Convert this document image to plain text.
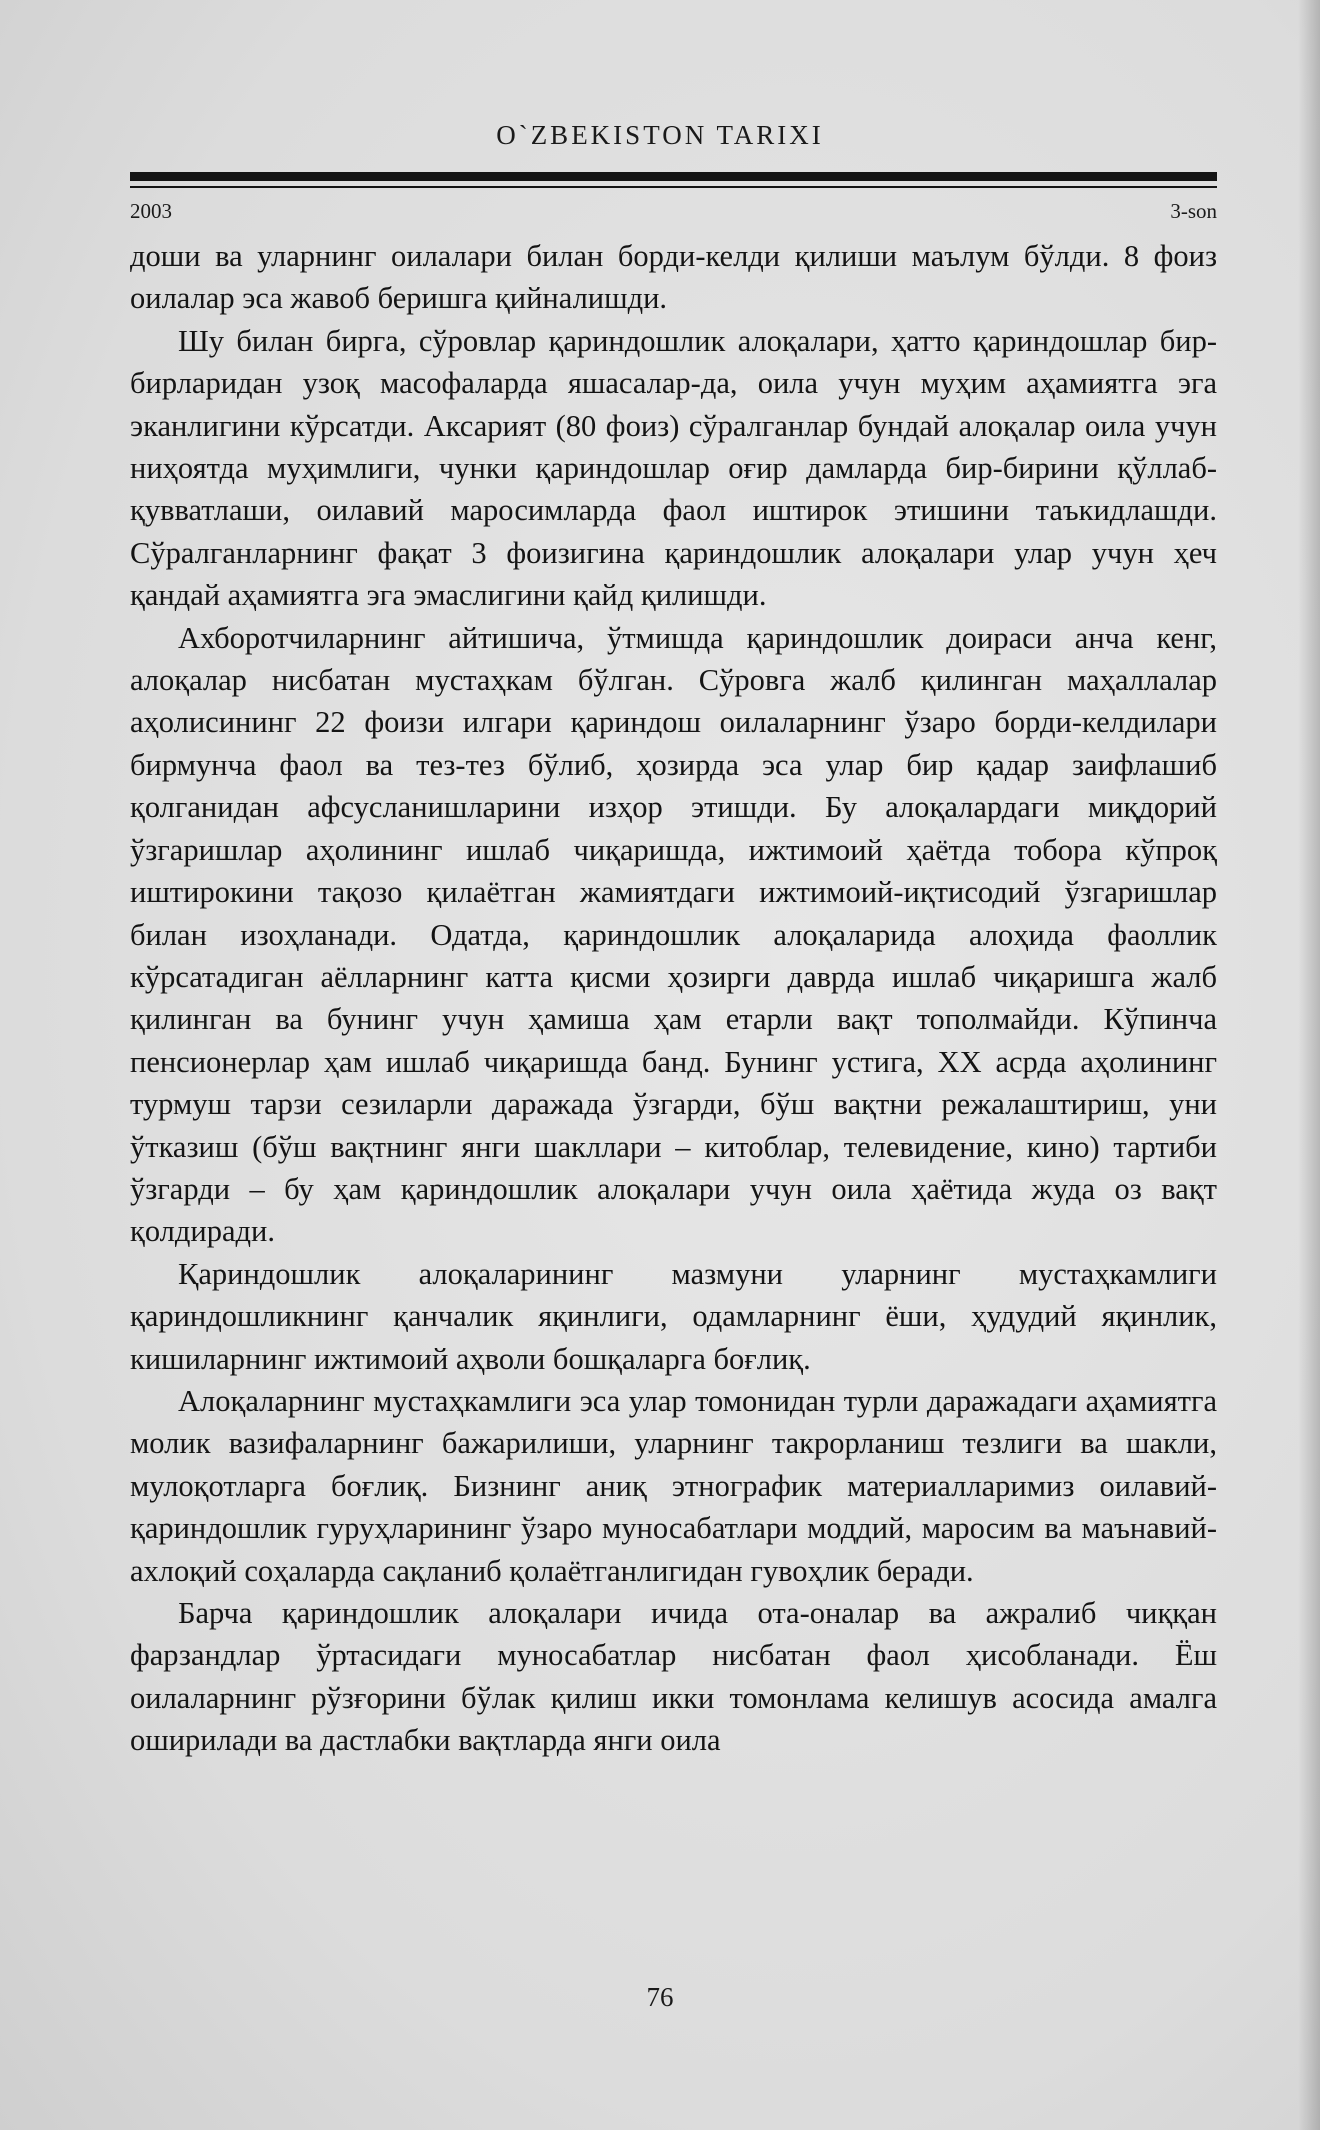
O`ZBEKISTON TARIXI
2003	3-son

доши ва уларнинг оилалари билан борди-келди қилиши маълум бўлди. 8 фоиз оилалар эса жавоб беришга қийналишди.

Шу билан бирга, сўровлар қариндошлик алоқалари, ҳатто қариндошлар бир-бирларидан узоқ масофаларда яшасалар-да, оила учун муҳим аҳамиятга эга эканлигини кўрсатди. Аксарият (80 фоиз) сўралганлар бундай алоқалар оила учун ниҳоятда муҳимлиги, чунки қариндошлар оғир дамларда бир-бирини қўллаб-қувватлаши, оилавий маросимларда фаол иштирок этишини таъкидлашди. Сўралганларнинг фақат 3 фоизигина қариндошлик алоқалари улар учун ҳеч қандай аҳамиятга эга эмаслигини қайд қилишди.

Ахборотчиларнинг айтишича, ўтмишда қариндошлик доираси анча кенг, алоқалар нисбатан мустаҳкам бўлган. Сўровга жалб қилинган маҳаллалар аҳолисининг 22 фоизи илгари қариндош оилаларнинг ўзаро борди-келдилари бирмунча фаол ва тез-тез бўлиб, ҳозирда эса улар бир қадар заифлашиб қолганидан афсусланишларини изҳор этишди. Бу алоқалардаги миқдорий ўзгаришлар аҳолининг ишлаб чиқаришда, ижтимоий ҳаётда тобора кўпроқ иштирокини тақозо қилаётган жамиятдаги ижтимоий-иқтисодий ўзгаришлар билан изоҳланади. Одатда, қариндошлик алоқаларида алоҳида фаоллик кўрсатадиган аёлларнинг катта қисми ҳозирги даврда ишлаб чиқаришга жалб қилинган ва бунинг учун ҳамиша ҳам етарли вақт тополмайди. Кўпинча пенсионерлар ҳам ишлаб чиқаришда банд. Бунинг устига, ХХ асрда аҳолининг турмуш тарзи сезиларли даражада ўзгарди, бўш вақтни режалаштириш, уни ўтказиш (бўш вақтнинг янги шакллари – китоблар, телевидение, кино) тартиби ўзгарди – бу ҳам қариндошлик алоқалари учун оила ҳаётида жуда оз вақт қолдиради.

Қариндошлик алоқаларининг мазмуни уларнинг мустаҳкамлиги қариндошликнинг қанчалик яқинлиги, одамларнинг ёши, ҳудудий яқинлик, кишиларнинг ижтимоий аҳволи бошқаларга боғлиқ.

Алоқаларнинг мустаҳкамлиги эса улар томонидан турли даражадаги аҳамиятга молик вазифаларнинг бажарилиши, уларнинг такрорланиш тезлиги ва шакли, мулоқотларга боғлиқ. Бизнинг аниқ этнографик материалларимиз оилавий-қариндошлик гуруҳларининг ўзаро муносабатлари моддий, маросим ва маънавий-ахлоқий соҳаларда сақланиб қолаётганлигидан гувоҳлик беради.

Барча қариндошлик алоқалари ичида ота-оналар ва ажралиб чиққан фарзандлар ўртасидаги муносабатлар нисбатан фаол ҳисобланади. Ёш оилаларнинг рўзғорини бўлак қилиш икки томонлама келишув асосида амалга оширилади ва дастлабки вақтларда янги оила

76
